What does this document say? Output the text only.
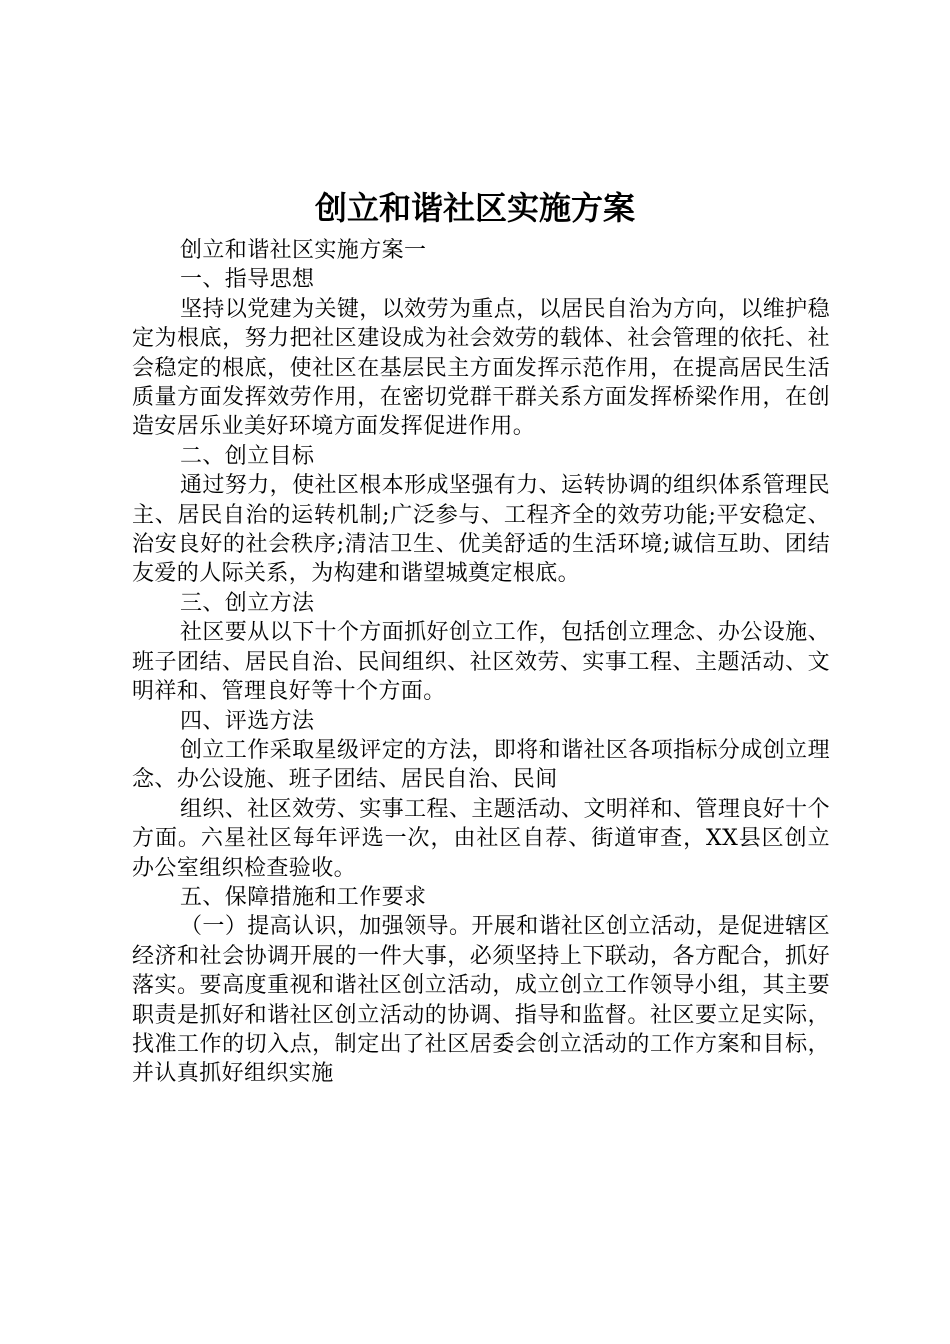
创立和谐社区实施方案

创立和谐社区实施方案一

一、指导思想

坚持以党建为关键，以效劳为重点，以居民自治为方向，以维护稳定为根底，努力把社区建设成为社会效劳的载体、社会管理的依托、社会稳定的根底，使社区在基层民主方面发挥示范作用，在提高居民生活质量方面发挥效劳作用，在密切党群干群关系方面发挥桥梁作用，在创造安居乐业美好环境方面发挥促进作用。

二、创立目标

通过努力，使社区根本形成坚强有力、运转协调的组织体系管理民主、居民自治的运转机制;广泛参与、工程齐全的效劳功能;平安稳定、治安良好的社会秩序;清洁卫生、优美舒适的生活环境;诚信互助、团结友爱的人际关系，为构建和谐望城奠定根底。

三、创立方法

社区要从以下十个方面抓好创立工作，包括创立理念、办公设施、班子团结、居民自治、民间组织、社区效劳、实事工程、主题活动、文明祥和、管理良好等十个方面。

四、评选方法

创立工作采取星级评定的方法，即将和谐社区各项指标分成创立理念、办公设施、班子团结、居民自治、民间

组织、社区效劳、实事工程、主题活动、文明祥和、管理良好十个方面。六星社区每年评选一次，由社区自荐、街道审查，XX县区创立办公室组织检查验收。

五、保障措施和工作要求

（一）提高认识，加强领导。开展和谐社区创立活动，是促进辖区经济和社会协调开展的一件大事，必须坚持上下联动，各方配合，抓好落实。要高度重视和谐社区创立活动，成立创立工作领导小组，其主要职责是抓好和谐社区创立活动的协调、指导和监督。社区要立足实际，找准工作的切入点，制定出了社区居委会创立活动的工作方案和目标，并认真抓好组织实施
